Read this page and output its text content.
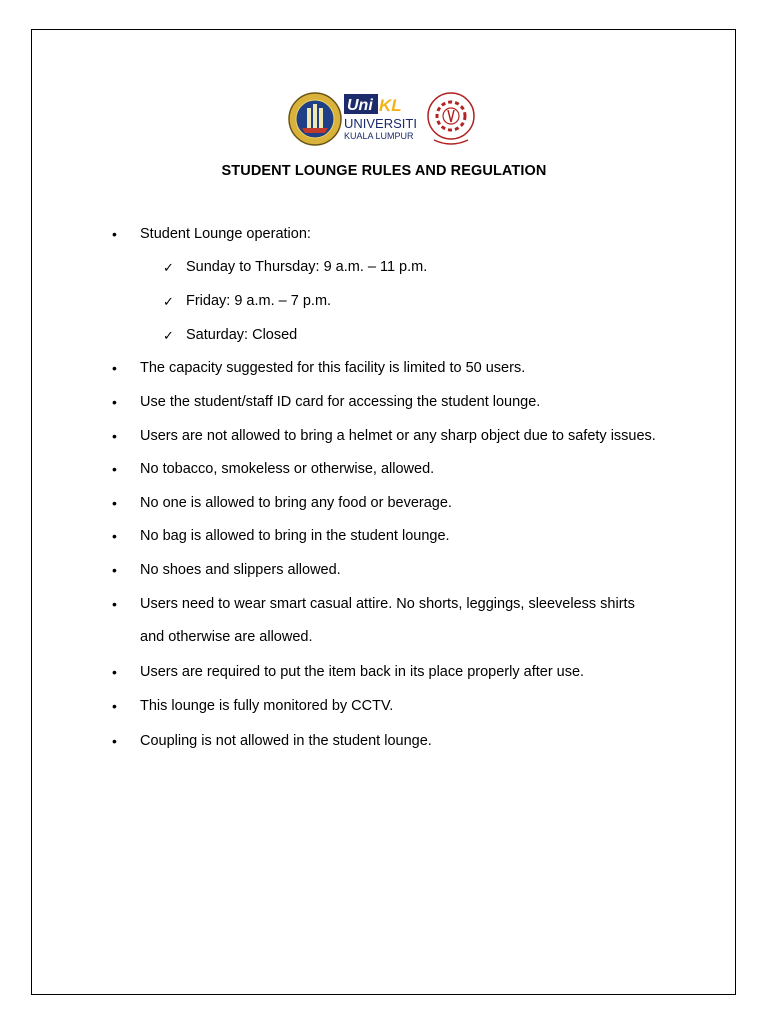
Uni KL
UNIVERSITI
KUALA LUMPUR
STUDENT LOUNGE RULES AND REGULATION
•	Student Lounge operation:
•	The capacity suggested for this facility is limited to 50 users.
•	Use the student/staff ID card for accessing the student lounge.
•	Users are not allowed to bring a helmet or any sharp object due to safety issues.
•	No tobacco, smokeless or otherwise, allowed.
•	No one is allowed to bring any food or beverage.
•	No bag is allowed to bring in the student lounge.
•	No shoes and slippers allowed.
•	Users need to wear smart casual attire. No shorts, leggings, sleeveless shirts
and otherwise are allowed.
•	Users are required to put the item back in its place properly after use.
•	This lounge is fully monitored by CCTV.
•	Coupling is not allowed in the student lounge.
✓ Sunday to Thursday: 9 a.m. – 11 p.m.
✓ Friday: 9 a.m. – 7 p.m.
✓ Saturday: Closed
